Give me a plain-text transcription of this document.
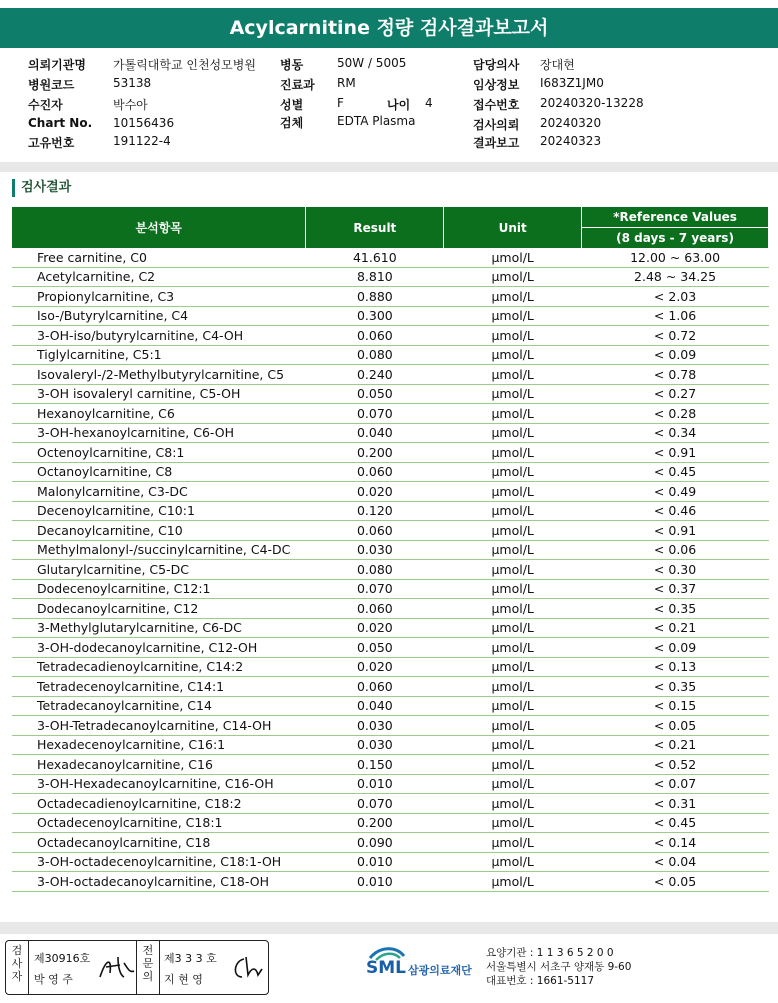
Acylcarnitine 정량 검사결과보고서
의뢰기관명 가톨릭대학교 인천성모병원
병원코드	53138
수진자	박수아
Chart No. 10156436
고유번호	191122-4
병동	50W / 5005
진료과 RM
성별	F	나이 4
검체	EDTA Plasma
담당의사 장대현
임상정보 I683Z1JM0
접수번호 20240320-13228
검사의뢰 20240320
결과보고 20240323
검사결과
분석항목	Result	Unit	*Reference Values
			(8 days - 7 years)
Free carnitine, C0	41.610	μmol/L	12.00 ~ 63.00
Acetylcarnitine, C2	8.810	μmol/L	2.48 ~ 34.25
Propionylcarnitine, C3	0.880	μmol/L	< 2.03
Iso-/Butyrylcarnitine, C4	0.300	μmol/L	< 1.06
3-OH-iso/butyrylcarnitine, C4-OH	0.060	μmol/L	< 0.72
Tiglylcarnitine, C5:1	0.080	μmol/L	< 0.09
Isovaleryl-/2-Methylbutyrylcarnitine, C5	0.240	μmol/L	< 0.78
3-OH isovaleryl carnitine, C5-OH	0.050	μmol/L	< 0.27
Hexanoylcarnitine, C6	0.070	μmol/L	< 0.28
3-OH-hexanoylcarnitine, C6-OH	0.040	μmol/L	< 0.34
Octenoylcarnitine, C8:1	0.200	μmol/L	< 0.91
Octanoylcarnitine, C8	0.060	μmol/L	< 0.45
Malonylcarnitine, C3-DC	0.020	μmol/L	< 0.49
Decenoylcarnitine, C10:1	0.120	μmol/L	< 0.46
Decanoylcarnitine, C10	0.060	μmol/L	< 0.91
Methylmalonyl-/succinylcarnitine, C4-DC	0.030	μmol/L	< 0.06
Glutarylcarnitine, C5-DC	0.080	μmol/L	< 0.30
Dodecenoylcarnitine, C12:1	0.070	μmol/L	< 0.37
Dodecanoylcarnitine, C12	0.060	μmol/L	< 0.35
3-Methylglutarylcarnitine, C6-DC	0.020	μmol/L	< 0.21
3-OH-dodecanoylcarnitine, C12-OH	0.050	μmol/L	< 0.09
Tetradecadienoylcarnitine, C14:2	0.020	μmol/L	< 0.13
Tetradecenoylcarnitine, C14:1	0.060	μmol/L	< 0.35
Tetradecanoylcarnitine, C14	0.040	μmol/L	< 0.15
3-OH-Tetradecanoylcarnitine, C14-OH	0.030	μmol/L	< 0.05
Hexadecenoylcarnitine, C16:1	0.030	μmol/L	< 0.21
Hexadecanoylcarnitine, C16	0.150	μmol/L	< 0.52
3-OH-Hexadecanoylcarnitine, C16-OH	0.010	μmol/L	< 0.07
Octadecadienoylcarnitine, C18:2	0.070	μmol/L	< 0.31
Octadecenoylcarnitine, C18:1	0.200	μmol/L	< 0.45
Octadecanoylcarnitine, C18	0.090	μmol/L	< 0.14
3-OH-octadecenoylcarnitine, C18:1-OH	0.010	μmol/L	< 0.04
3-OH-octadecanoylcarnitine, C18-OH	0.010	μmol/L	< 0.05
검사자
제30916호
박 영 주
전문의
제3 3 3 호
지 현 영
SML 삼광의료재단
요양기관 : 1 1 3 6 5 2 0 0
서울특별시 서초구 양재동 9-60
대표번호 : 1661-5117
